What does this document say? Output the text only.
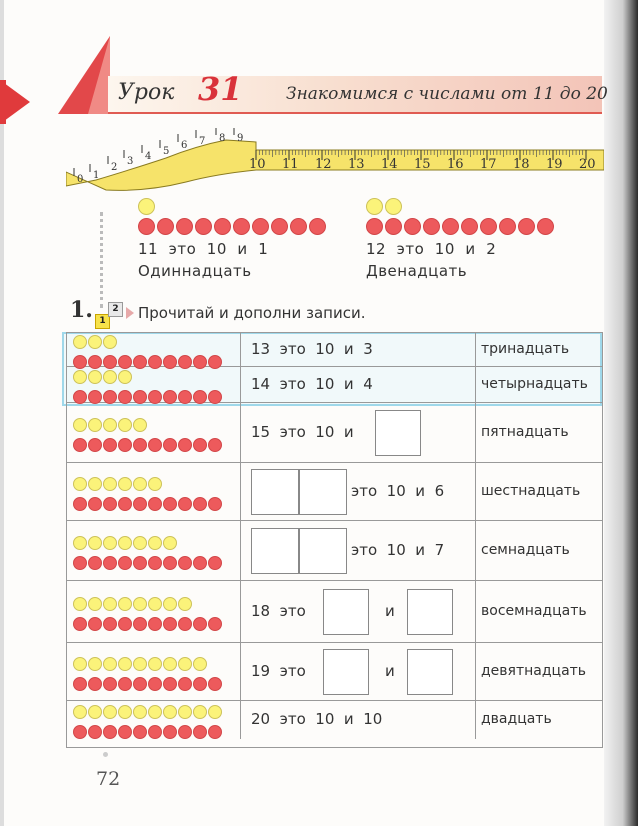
Урок 31	Знакомимся с числами от 11 до 20
0 1
2
3 4 5
6 7 8 9
10 11 12 13 14 15 16 17 18 19 20
11  это  10  и  1
Одиннадцать
12  это  10  и  2
Двенадцать
1. 1
2 Прочитай и дополни записи.
13  это  10  и  3	тринадцать
14  это  10  и  4	четырнадцать
15  это  10  и	пятнадцать
это  10  и  6	шестнадцать
это  10  и  7	семнадцать
18  это	и	восемнадцать
19  это	и	девятнадцать
20  это  10  и  10	двадцать
72
